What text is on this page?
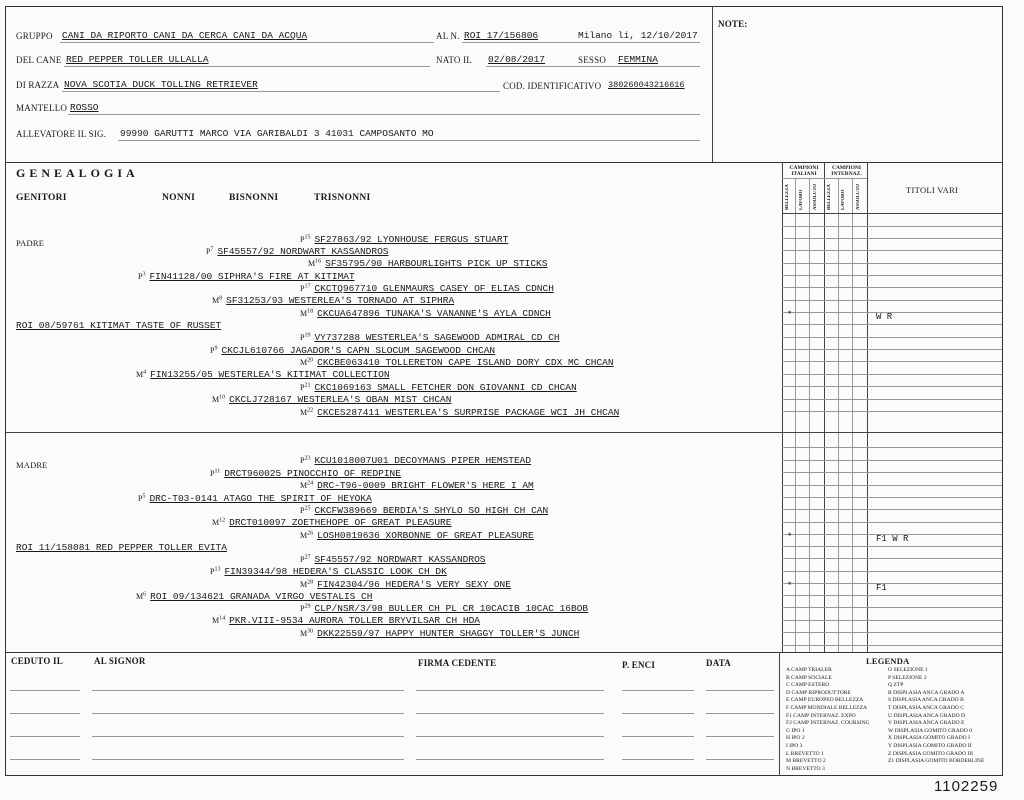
NOTE:
GRUPPO CANI DA RIPORTO CANI DA CERCA CANI DA ACQUA	AL N. ROI 17/156806	Milano li, 12/10/2017
DEL CANE RED PEPPER TOLLER ULLALLA	NATO IL 02/08/2017	SESSO FEMMINA
DI RAZZA NOVA SCOTIA DUCK TOLLING RETRIEVER	COD. IDENTIFICATIVO 380260043216616
MANTELLO ROSSO
ALLEVATORE IL SIG. 99990 GARUTTI MARCO VIA GARIBALDI 3 41031 CAMPOSANTO MO
GENEALOGIA
GENITORI	NONNI	BISNONNI	TRISNONNI
CAMPIONI ITALIANI
CAMPIONI INTERNAZ.
BELLEZZA LAVORO ASSOLUTO BELLEZZA LAVORO ASSOLUTO	TITOLI VARI
PADRE
MADRE
$P^{15}$ SF27863/92 LYONHOUSE FERGUS STUART
$P^7$ SF45557/92 NORDWART KASSANDROS
$M^{16}$ SF35795/90 HARBOURLIGHTS PICK UP STICKS
$P^3$ FIN41128/00 SIPHRA'S FIRE AT KITIMAT
$P^{17}$ CKCTQ967710 GLENMAURS CASEY OF ELIAS CDNCH
$M^8$ SF31253/93 WESTERLEA'S TORNADO AT SIPHRA
$M^{18}$ CKCUA647896 TUNAKA'S VANANNE'S AYLA CDNCH
ROI 08/59761 KITIMAT TASTE OF RUSSET
$P^{19}$ VY737288 WESTERLEA'S SAGEWOOD ADMIRAL CD CH
$P^9$ CKCJL610766 JAGADOR'S CAPN SLOCUM SAGEWOOD CHCAN
$M^{20}$ CKCBE063410 TOLLERETON CAPE ISLAND DORY CDX MC CHCAN
$M^4$ FIN13255/05 WESTERLEA'S KITIMAT COLLECTION
$P^{21}$ CKC1069163 SMALL FETCHER DON GIOVANNI CD CHCAN
$M^{10}$ CKCLJ728167 WESTERLEA'S OBAN MIST CHCAN
$M^{22}$ CKCES287411 WESTERLEA'S SURPRISE PACKAGE WCI JH CHCAN
$P^{23}$ KCU1018007U01 DECOYMANS PIPER HEMSTEAD
$P^{11}$ DRCT960025 PINOCCHIO OF REDPINE
$M^{24}$ DRC-T96-0009 BRIGHT FLOWER'S HERE I AM
$P^5$ DRC-T03-0141 ATAGO THE SPIRIT OF HEYOKA
$P^{25}$ CKCFW389669 BERDIA'S SHYLO SO HIGH CH CAN
$M^{12}$ DRCT010097 ZOETHEHOPE OF GREAT PLEASURE
$M^{26}$ LOSH0819636 XORBONNE OF GREAT PLEASURE
ROI 11/158081 RED PEPPER TOLLER EVITA
$P^{27}$ SF45557/92 NORDWART KASSANDROS
$P^{13}$ FIN39344/98 HEDERA'S CLASSIC LOOK CH DK
$M^{28}$ FIN42304/96 HEDERA'S VERY SEXY ONE
$M^6$ ROI 09/134621 GRANADA VIRGO VESTALIS CH
$P^{29}$ CLP/NSR/3/98 BULLER CH PL CR 10CACIB 10CAC 16BOB
$M^{14}$ PKR.VIII-9534 AURORA TOLLER BRYVILSAR CH HDA
$M^{30}$ DKK22559/97 HAPPY HUNTER SHAGGY TOLLER'S JUNCH
*	W R
*	F1 W R
*	F1
CEDUTO IL	AL SIGNOR	FIRMA CEDENTE	P. ENCI	DATA	LEGENDA
A CAMP TRIALER
B CAMP SOCIALE
C CAMP ESTERO
D CAMP RIPRODUTTORE
E CAMP EUROPEO BELLEZZA
F CAMP MONDIALE BELLEZZA
F1 CAMP INTERNAZ. EXPO
F2 CAMP INTERNAZ. COURSING
G IPO 1
H IPO 2
I IPO 3
L BREVETTO 1
M BREVETTO 2
N BREVETTO 3
O SELEZIONE 1
P SELEZIONE 2
Q ZTP
R DISPLASIA ANCA GRADO A
S DISPLASIA ANCA GRADO B
T DISPLASIA ANCA GRADO C
U DISPLASIA ANCA GRADO D
V DISPLASIA ANCA GRADO E
W DISPLASIA GOMITO GRADO 0
X DISPLASIA GOMITO GRADO I
Y DISPLASIA GOMITO GRADO II
Z DISPLASIA GOMITO GRADO III
Z1 DISPLASIA GOMITO BORDERLINE
1102259
